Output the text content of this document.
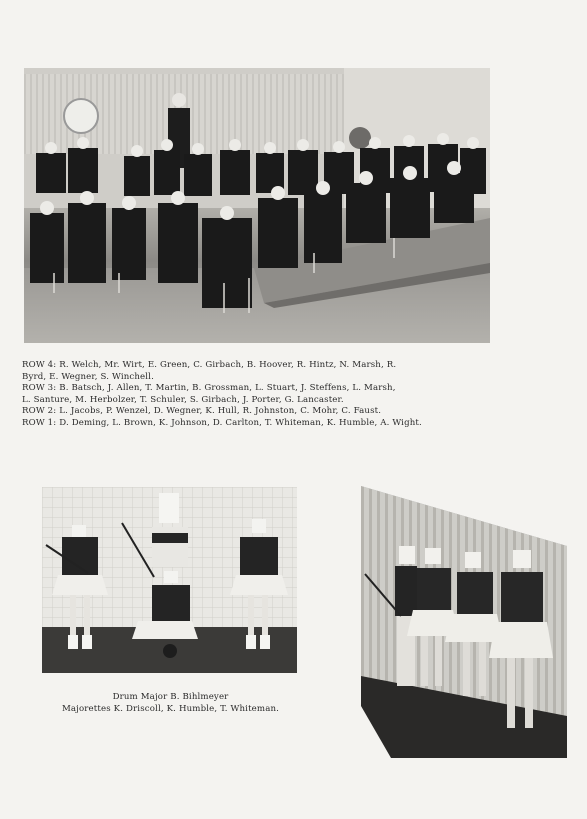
ROW 4: R. Welch, Mr. Wirt, E. Green, C. Girbach, B. Hoover, R. Hintz, N. Marsh, R.

Byrd, E. Wegner, S. Winchell.

ROW 3: B. Batsch, J. Allen, T. Martin, B. Grossman, L. Stuart, J. Steffens, L. Marsh,

L. Santure, M. Herbolzer, T. Schuler, S. Girbach, J. Porter, G. Lancaster.

ROW 2: L. Jacobs, P. Wenzel, D. Wegner, K. Hull, R. Johnston, C. Mohr, C. Faust.

ROW 1: D. Deming, L. Brown, K. Johnson, D. Carlton, T. Whiteman, K. Humble, A. Wight.

Drum Major B. Bihlmeyer

Majorettes K. Driscoll, K. Humble, T. Whiteman.
